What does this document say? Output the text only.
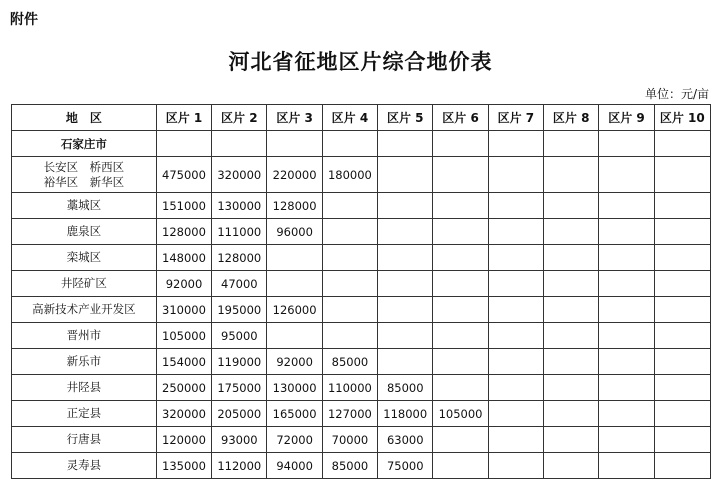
附件
河北省征地区片综合地价表
单位：元/亩
地　区	区片 1	区片 2	区片 3	区片 4	区片 5	区片 6	区片 7	区片 8	区片 9	区片 10
石家庄市										

长安区　桥西区
裕华区　新华区	475000	320000	220000	180000						

藁城区	151000	130000	128000							

鹿泉区	128000	111000	96000							

栾城区	148000	128000								

井陉矿区	92000	47000								

高新技术产业开发区	310000	195000	126000							

晋州市	105000	95000								

新乐市	154000	119000	92000	85000						

井陉县	250000	175000	130000	110000	85000					

正定县	320000	205000	165000	127000	118000	105000				

行唐县	120000	93000	72000	70000	63000					

灵寿县	135000	112000	94000	85000	75000					
